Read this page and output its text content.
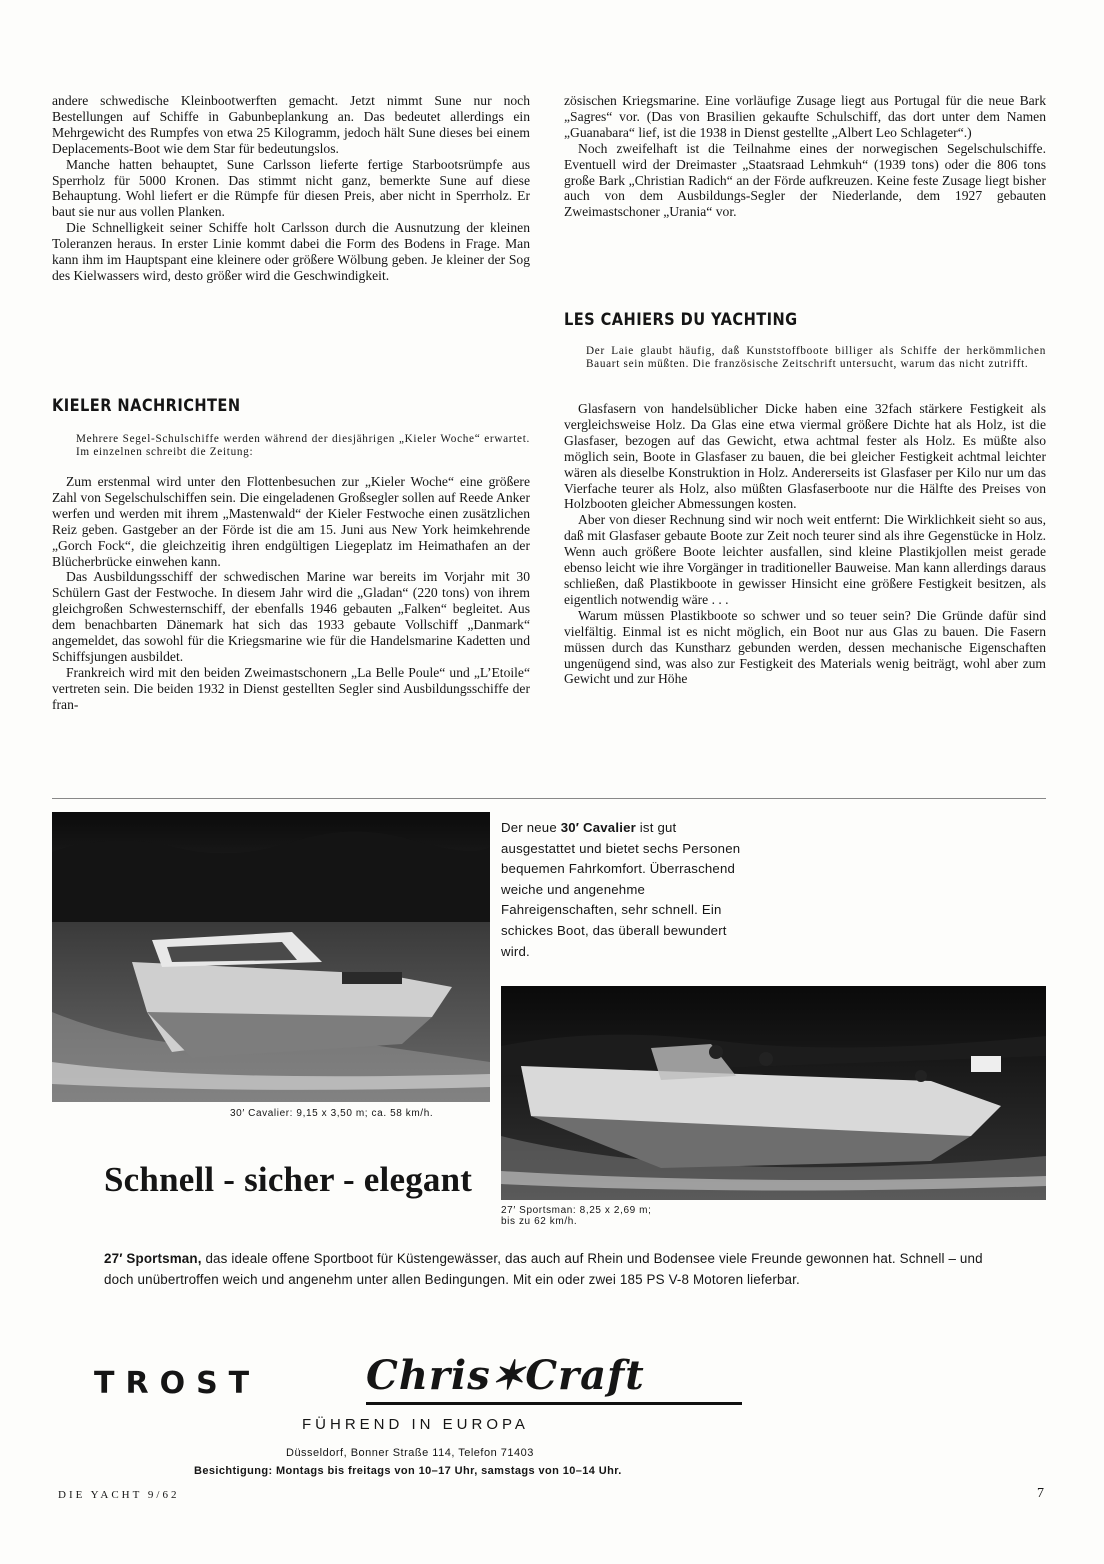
andere schwedische Kleinbootwerften gemacht. Jetzt nimmt Sune nur noch Bestellungen auf Schiffe in Gabunbeplankung an. Das bedeutet allerdings ein Mehrgewicht des Rumpfes von etwa 25 Kilogramm, jedoch hält Sune dieses bei einem Deplacements-Boot wie dem Star für bedeutungslos.

Manche hatten behauptet, Sune Carlsson lieferte fertige Starbootsrümpfe aus Sperrholz für 5000 Kronen. Das stimmt nicht ganz, bemerkte Sune auf diese Behauptung. Wohl liefert er die Rümpfe für diesen Preis, aber nicht in Sperrholz. Er baut sie nur aus vollen Planken.

Die Schnelligkeit seiner Schiffe holt Carlsson durch die Ausnutzung der kleinen Toleranzen heraus. In erster Linie kommt dabei die Form des Bodens in Frage. Man kann ihm im Hauptspant eine kleinere oder größere Wölbung geben. Je kleiner der Sog des Kielwassers wird, desto größer wird die Geschwindigkeit.

KIELER NACHRICHTEN
Mehrere Segel-Schulschiffe werden während der diesjährigen „Kieler Woche“ erwartet. Im einzelnen schreibt die Zeitung:

Zum erstenmal wird unter den Flottenbesuchen zur „Kieler Woche“ eine größere Zahl von Segelschulschiffen sein. Die eingeladenen Großsegler sollen auf Reede Anker werfen und werden mit ihrem „Mastenwald“ der Kieler Festwoche einen zusätzlichen Reiz geben. Gastgeber an der Förde ist die am 15. Juni aus New York heimkehrende „Gorch Fock“, die gleichzeitig ihren endgültigen Liegeplatz im Heimathafen an der Blücherbrücke einwehen kann.

Das Ausbildungsschiff der schwedischen Marine war bereits im Vorjahr mit 30 Schülern Gast der Festwoche. In diesem Jahr wird die „Gladan“ (220 tons) von ihrem gleichgroßen Schwesternschiff, der ebenfalls 1946 gebauten „Falken“ begleitet. Aus dem benachbarten Dänemark hat sich das 1933 gebaute Vollschiff „Danmark“ angemeldet, das sowohl für die Kriegsmarine wie für die Handelsmarine Kadetten und Schiffsjungen ausbildet.

Frankreich wird mit den beiden Zweimastschonern „La Belle Poule“ und „L’Etoile“ vertreten sein. Die beiden 1932 in Dienst gestellten Segler sind Ausbildungsschiffe der fran-

zösischen Kriegsmarine. Eine vorläufige Zusage liegt aus Portugal für die neue Bark „Sagres“ vor. (Das von Brasilien gekaufte Schulschiff, das dort unter dem Namen „Guanabara“ lief, ist die 1938 in Dienst gestellte „Albert Leo Schlageter“.)

Noch zweifelhaft ist die Teilnahme eines der norwegischen Segelschulschiffe. Eventuell wird der Dreimaster „Staatsraad Lehmkuh“ (1939 tons) oder die 806 tons große Bark „Christian Radich“ an der Förde aufkreuzen. Keine feste Zusage liegt bisher auch von dem Ausbildungs-Segler der Niederlande, dem 1927 gebauten Zweimastschoner „Urania“ vor.

LES CAHIERS DU YACHTING
Der Laie glaubt häufig, daß Kunststoffboote billiger als Schiffe der herkömmlichen Bauart sein müßten. Die französische Zeitschrift untersucht, warum das nicht zutrifft.

Glasfasern von handelsüblicher Dicke haben eine 32fach stärkere Festigkeit als vergleichsweise Holz. Da Glas eine etwa viermal größere Dichte hat als Holz, ist die Glasfaser, bezogen auf das Gewicht, etwa achtmal fester als Holz. Es müßte also möglich sein, Boote in Glasfaser zu bauen, die bei gleicher Festigkeit achtmal leichter wären als dieselbe Konstruktion in Holz. Andererseits ist Glasfaser per Kilo nur um das Vierfache teurer als Holz, also müßten Glasfaserboote nur die Hälfte des Preises von Holzbooten gleicher Abmessungen kosten.

Aber von dieser Rechnung sind wir noch weit entfernt: Die Wirklichkeit sieht so aus, daß mit Glasfaser gebaute Boote zur Zeit noch teurer sind als ihre Gegenstücke in Holz. Wenn auch größere Boote leichter ausfallen, sind kleine Plastikjollen meist gerade ebenso leicht wie ihre Vorgänger in traditioneller Bauweise. Man kann allerdings daraus schließen, daß Plastikboote in gewisser Hinsicht eine größere Festigkeit besitzen, als eigentlich notwendig wäre . . .

Warum müssen Plastikboote so schwer und so teuer sein? Die Gründe dafür sind vielfältig. Einmal ist es nicht möglich, ein Boot nur aus Glas zu bauen. Die Fasern müssen durch das Kunstharz gebunden werden, dessen mechanische Eigenschaften ungenügend sind, was also zur Festigkeit des Materials wenig beiträgt, wohl aber zum Gewicht und zur Höhe

30′ Cavalier: 9,15 x 3,50 m; ca. 58 km/h.
Der neue 30′ Cavalier ist gut ausgestattet und bietet sechs Personen bequemen Fahrkomfort. Überraschend weiche und angenehme Fahreigenschaften, sehr schnell. Ein schickes Boot, das überall bewundert wird.
27′ Sportsman: 8,25 x 2,69 m;
bis zu 62 km/h.
Schnell - sicher - elegant
27′ Sportsman, das ideale offene Sportboot für Küstengewässer, das auch auf Rhein und Bodensee viele Freunde gewonnen hat. Schnell – und doch unübertroffen weich und angenehm unter allen Bedingungen. Mit ein oder zwei 185 PS V-8 Motoren lieferbar.
TROST	Chris✶Craft
FÜHREND IN EUROPA
Düsseldorf, Bonner Straße 114, Telefon 71403
Besichtigung: Montags bis freitags von 10–17 Uhr, samstags von 10–14 Uhr.
DIE YACHT 9/62	7
